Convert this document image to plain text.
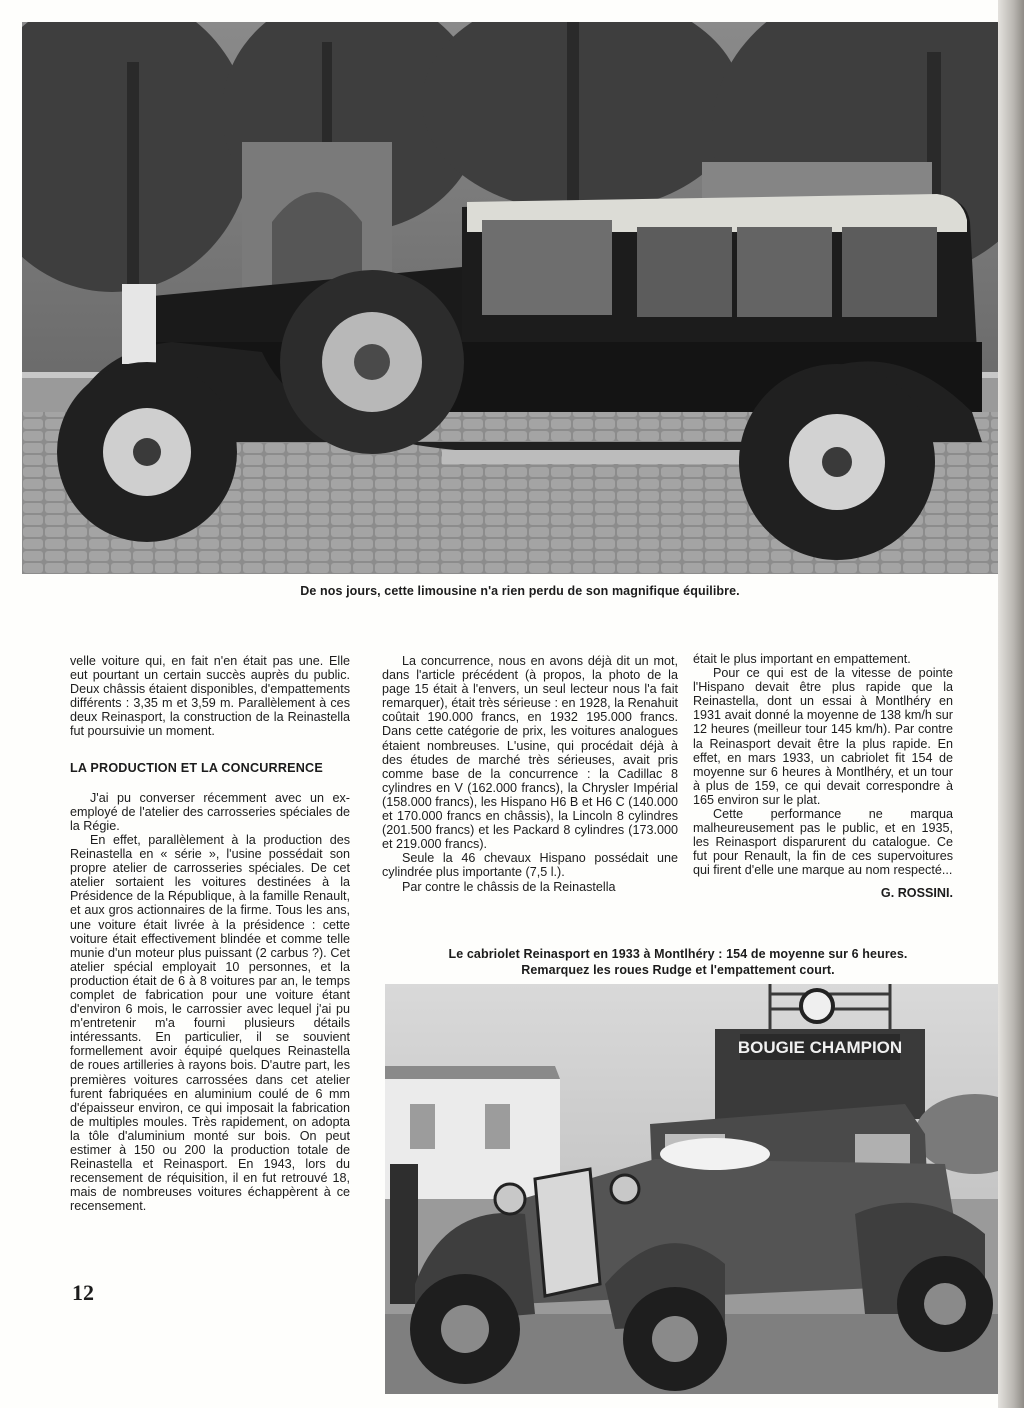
De nos jours, cette limousine n'a rien perdu de son magnifique équilibre.

velle voiture qui, en fait n'en était pas une. Elle eut pourtant un certain succès auprès du public. Deux châssis étaient disponibles, d'empattements différents : 3,35 m et 3,59 m. Parallèlement à ces deux Reinasport, la construction de la Reinastella fut poursuivie un moment.

LA PRODUCTION ET LA CONCURRENCE

J'ai pu converser récemment avec un ex-employé de l'atelier des carrosseries spéciales de la Régie.

En effet, parallèlement à la production des Reinastella en « série », l'usine possédait son propre atelier de carrosseries spéciales. De cet atelier sortaient les voitures destinées à la Présidence de la République, à la famille Renault, et aux gros actionnaires de la firme. Tous les ans, une voiture était livrée à la présidence : cette voiture était effectivement blindée et comme telle munie d'un moteur plus puissant (2 carbus ?). Cet atelier spécial employait 10 personnes, et la production était de 6 à 8 voitures par an, le temps complet de fabrication pour une voiture étant d'environ 6 mois, le carrossier avec lequel j'ai pu m'entretenir m'a fourni plusieurs détails intéressants. En particulier, il se souvient formellement avoir équipé quelques Reinastella de roues artilleries à rayons bois. D'autre part, les premières voitures carrossées dans cet atelier furent fabriquées en aluminium coulé de 6 mm d'épaisseur environ, ce qui imposait la fabrication de multiples moules. Très rapidement, on adopta la tôle d'aluminium monté sur bois. On peut estimer à 150 ou 200 la production totale de Reinastella et Reinasport. En 1943, lors du recensement de réquisition, il en fut retrouvé 18, mais de nombreuses voitures échappèrent à ce recensement.

La concurrence, nous en avons déjà dit un mot, dans l'article précédent (à propos, la photo de la page 15 était à l'envers, un seul lecteur nous l'a fait remarquer), était très sérieuse : en 1928, la Renahuit coûtait 190.000 francs, en 1932 195.000 francs. Dans cette catégorie de prix, les voitures analogues étaient nombreuses. L'usine, qui procédait déjà à des études de marché très sérieuses, avait pris comme base de la concurrence : la Cadillac 8 cylindres en V (162.000 francs), la Chrysler Impérial (158.000 francs), les Hispano H6 B et H6 C (140.000 et 170.000 francs en châssis), la Lincoln 8 cylindres (201.500 francs) et les Packard 8 cylindres (173.000 et 219.000 francs).

Seule la 46 chevaux Hispano possédait une cylindrée plus importante (7,5 l.).

Par contre le châssis de la Reinastella

était le plus important en empattement.

Pour ce qui est de la vitesse de pointe l'Hispano devait être plus rapide que la Reinastella, dont un essai à Montlhéry en 1931 avait donné la moyenne de 138 km/h sur 12 heures (meilleur tour 145 km/h). Par contre la Reinasport devait être la plus rapide. En effet, en mars 1933, un cabriolet fit 154 de moyenne sur 6 heures à Montlhéry, et un tour à plus de 159, ce qui devait correspondre à 165 environ sur le plat.

Cette performance ne marqua malheureusement pas le public, et en 1935, les Reinasport disparurent du catalogue. Ce fut pour Renault, la fin de ces supervoitures qui firent d'elle une marque au nom respecté...

G. ROSSINI.
Le cabriolet Reinasport en 1933 à Montlhéry : 154 de moyenne sur 6 heures.
Remarquez les roues Rudge et l'empattement court.
BOUGIE CHAMPION
12
